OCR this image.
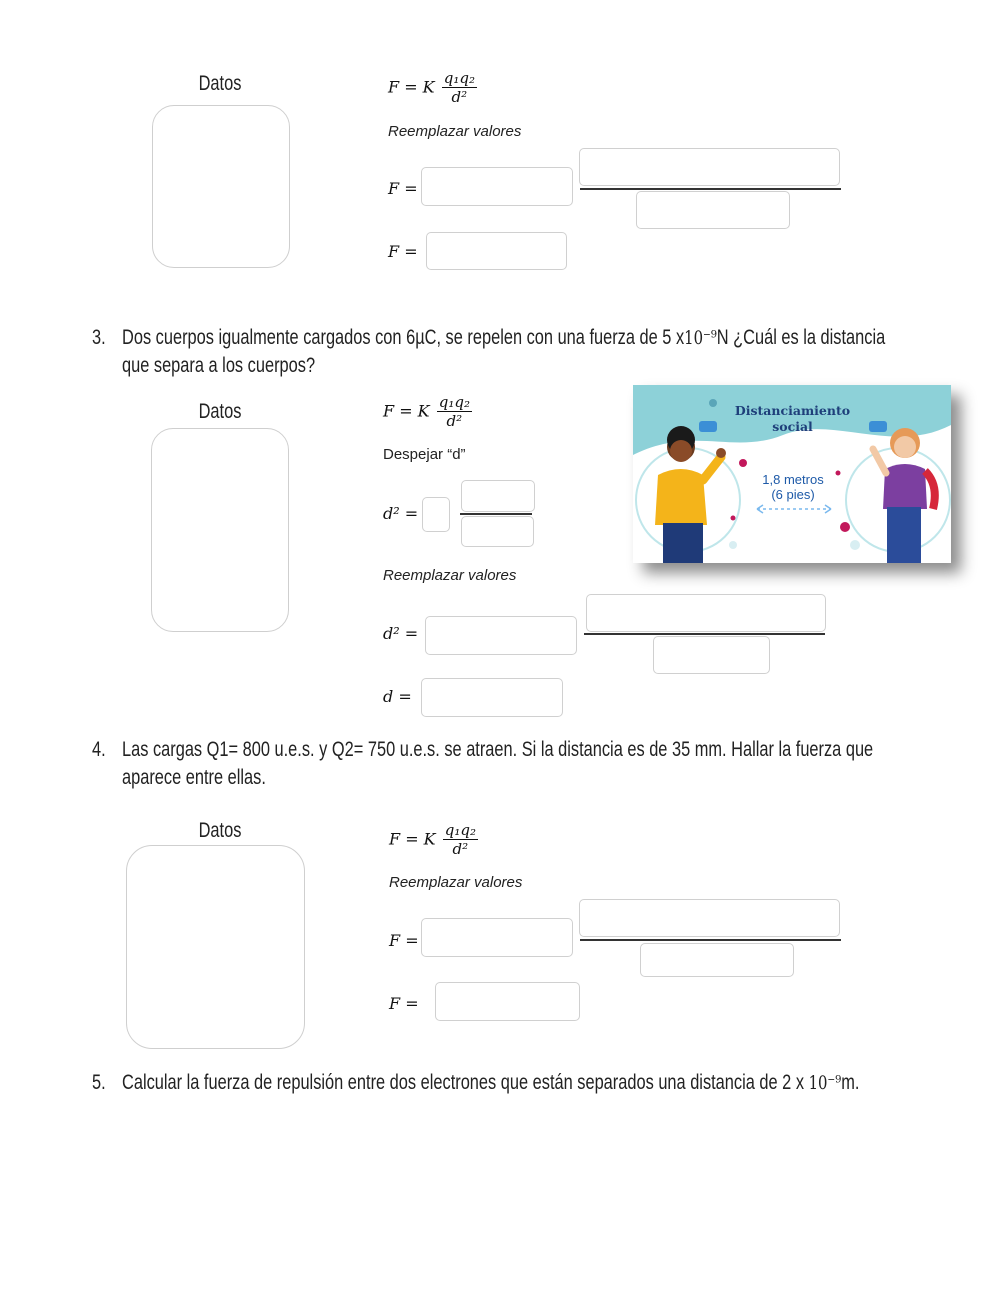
Datos	F = K $\frac{\text{q₁q₂}}{\text{d²}}$
Reemplazar valores
F =
F =
3. Dos cuerpos igualmente cargados con 6µC, se repelen con una fuerza de 5 x10⁻⁹N ¿Cuál es la distancia
que separa a los cuerpos?
Datos	F = K $\frac{\text{q₁q₂}}{\text{d²}}$
Despejar “d”
d² =
Reemplazar valores
d² =
d =
Distanciamiento
social
1,8 metros
(6 pies)
4. Las cargas Q1= 800 u.e.s. y Q2= 750 u.e.s. se atraen. Si la distancia es de 35 mm. Hallar la fuerza que
aparece entre ellas.
Datos	F = K $\frac{\text{q₁q₂}}{\text{d²}}$
Reemplazar valores
F =
F =
5. Calcular la fuerza de repulsión entre dos electrones que están separados una distancia de 2 x 10⁻⁹m.
